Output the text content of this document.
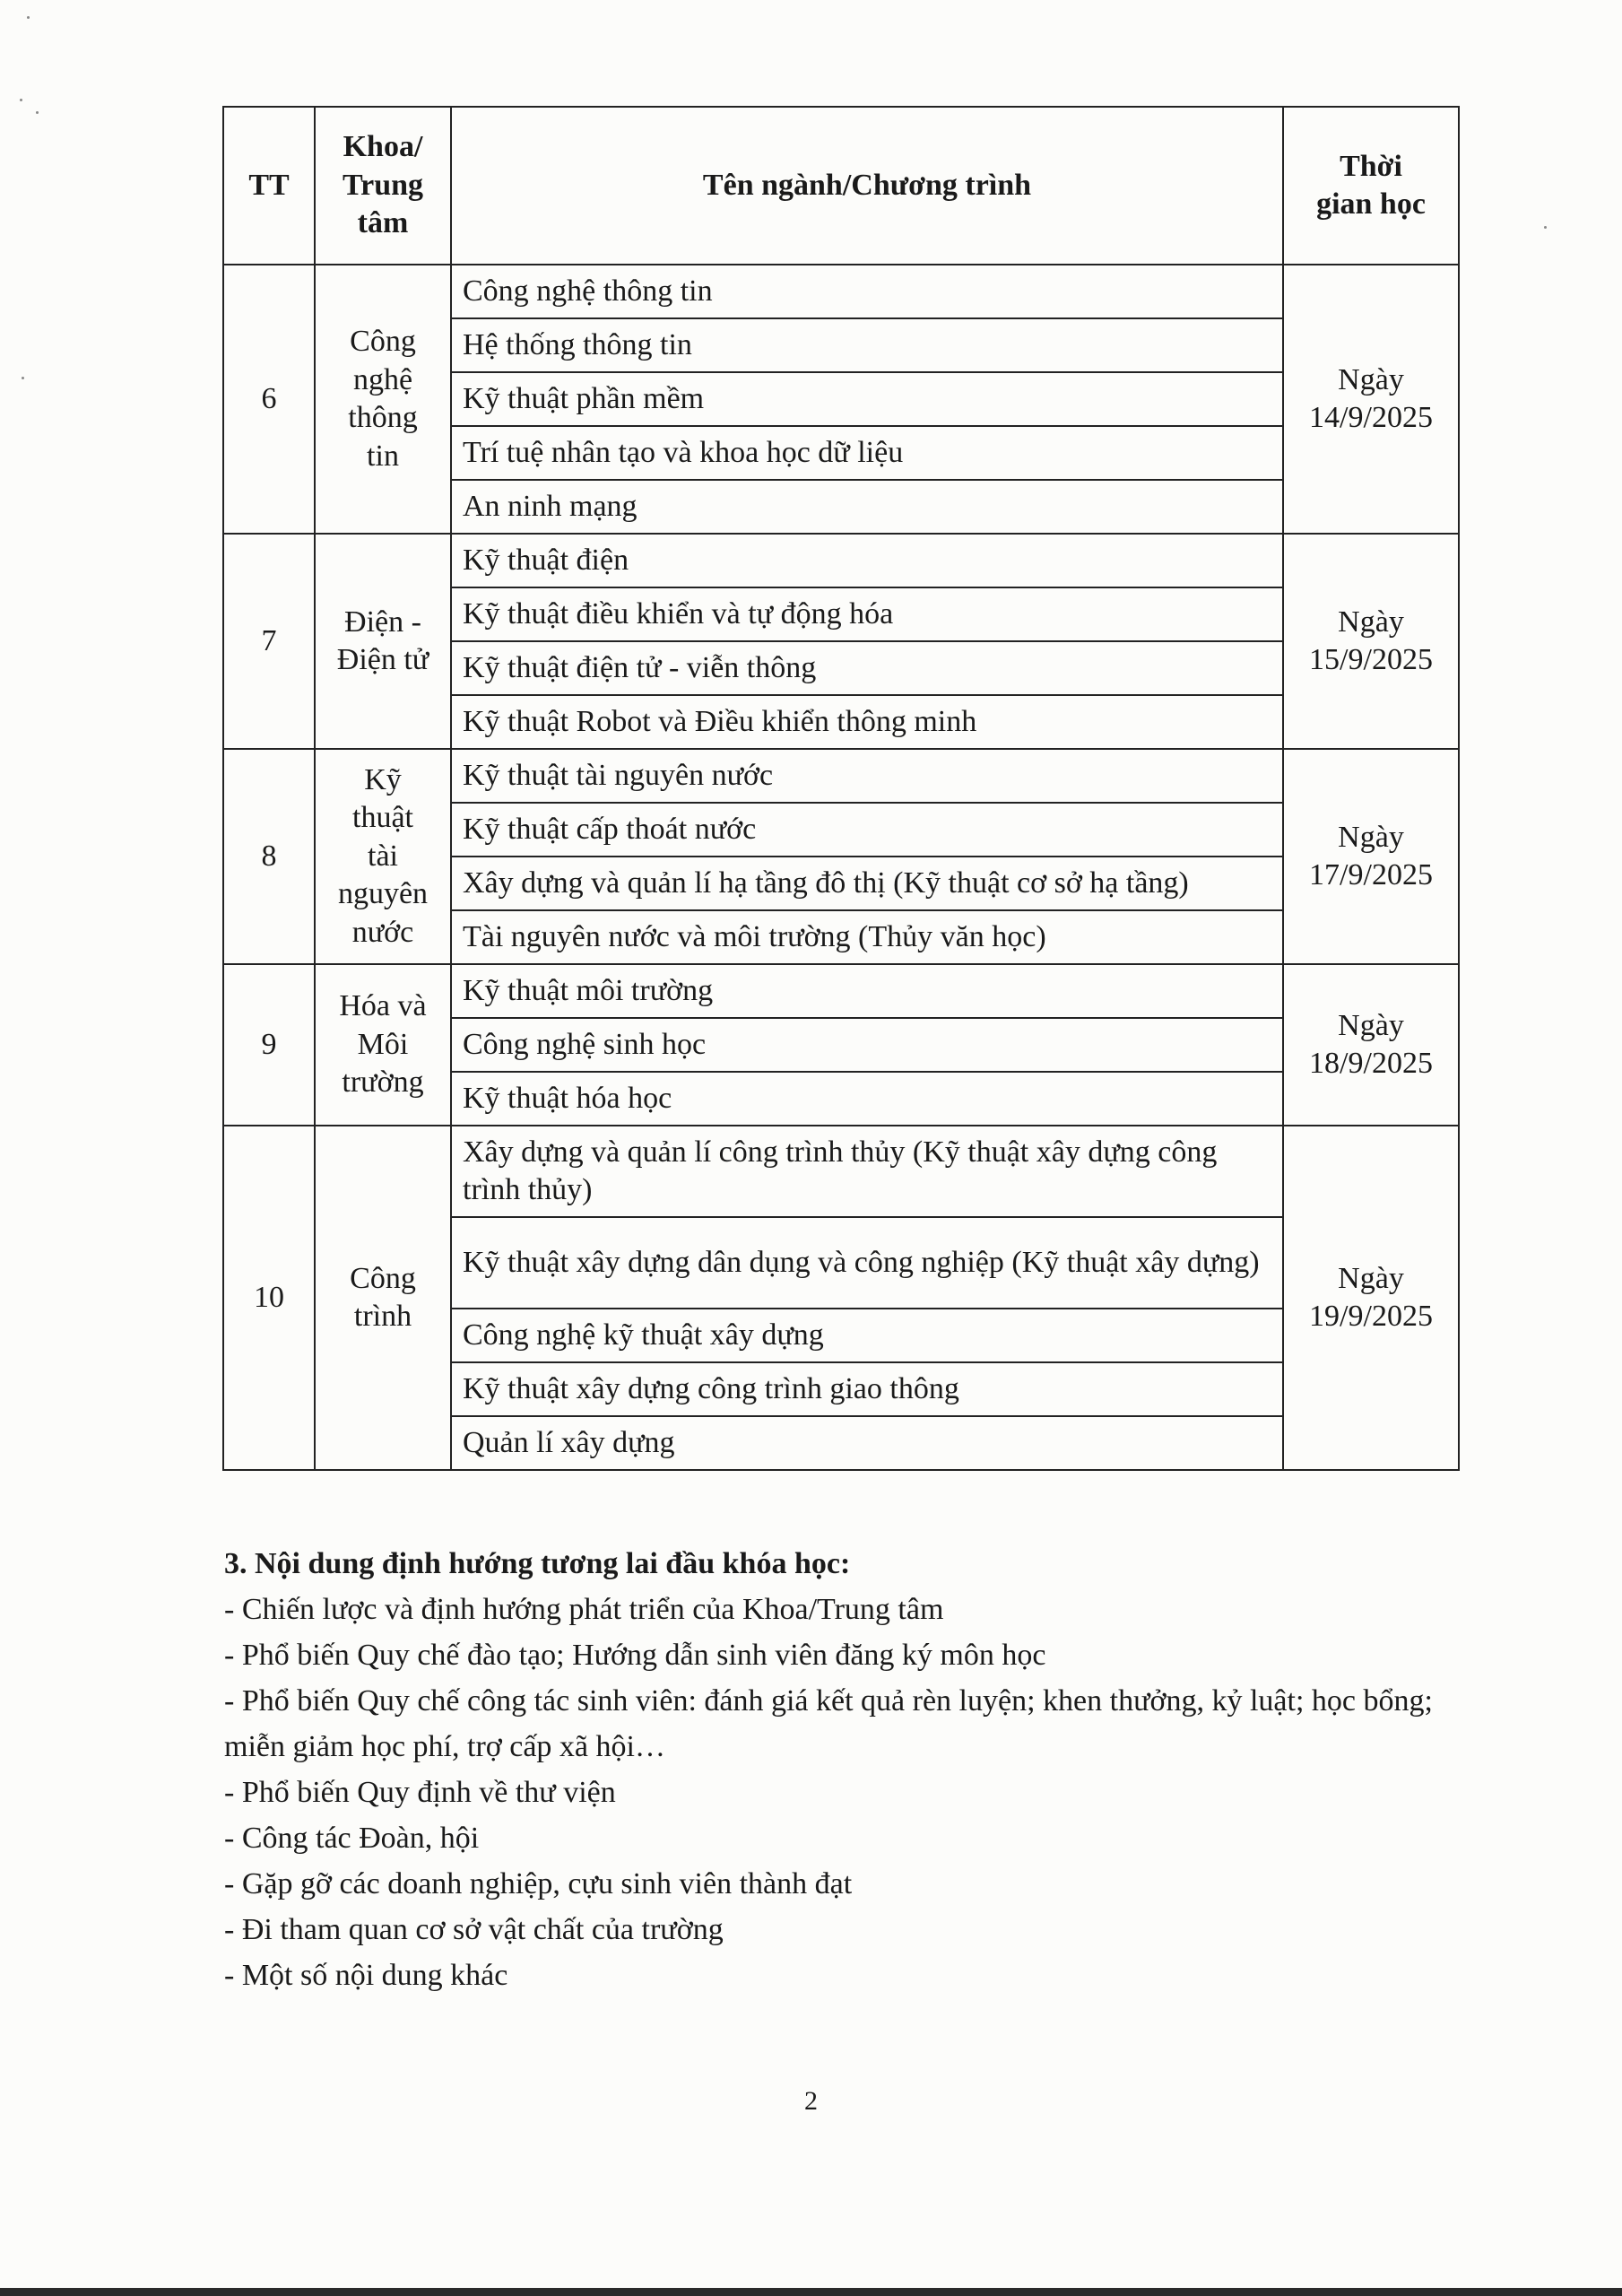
TT	Khoa/
Trung
tâm	Tên ngành/Chương trình	Thời
gian học

6	Công
nghệ
thông
tin	Công nghệ thông tin	Ngày
14/9/2025

		Hệ thống thông tin	
		Kỹ thuật phần mềm	
		Trí tuệ nhân tạo và khoa học dữ liệu	
		An ninh mạng	
7	Điện -
Điện tử	Kỹ thuật điện	Ngày
15/9/2025

		Kỹ thuật điều khiển và tự động hóa	
		Kỹ thuật điện tử - viễn thông	
		Kỹ thuật Robot và Điều khiển thông minh	
8	Kỹ
thuật
tài
nguyên
nước	Kỹ thuật tài nguyên nước	Ngày
17/9/2025

		Kỹ thuật cấp thoát nước	
		Xây dựng và quản lí hạ tầng đô thị (Kỹ thuật cơ sở hạ tầng)	
		Tài nguyên nước và môi trường (Thủy văn học)	
9	Hóa và
Môi
trường	Kỹ thuật môi trường	Ngày
18/9/2025

		Công nghệ sinh học	
		Kỹ thuật hóa học	
10	Công
trình	Xây dựng và quản lí công trình thủy (Kỹ thuật xây dựng công trình thủy)	Ngày
19/9/2025

		Kỹ thuật xây dựng dân dụng và công nghiệp (Kỹ thuật xây dựng)	
		Công nghệ kỹ thuật xây dựng	
		Kỹ thuật xây dựng công trình giao thông	
		Quản lí xây dựng	
3. Nội dung định hướng tương lai đầu khóa học:
- Chiến lược và định hướng phát triển của Khoa/Trung tâm
- Phổ biến Quy chế đào tạo; Hướng dẫn sinh viên đăng ký môn học
- Phổ biến Quy chế công tác sinh viên: đánh giá kết quả rèn luyện; khen thưởng, kỷ luật; học bổng; miễn giảm học phí, trợ cấp xã hội…
- Phổ biến Quy định về thư viện
- Công tác Đoàn, hội
- Gặp gỡ các doanh nghiệp, cựu sinh viên thành đạt
- Đi tham quan cơ sở vật chất của trường
- Một số nội dung khác
2
